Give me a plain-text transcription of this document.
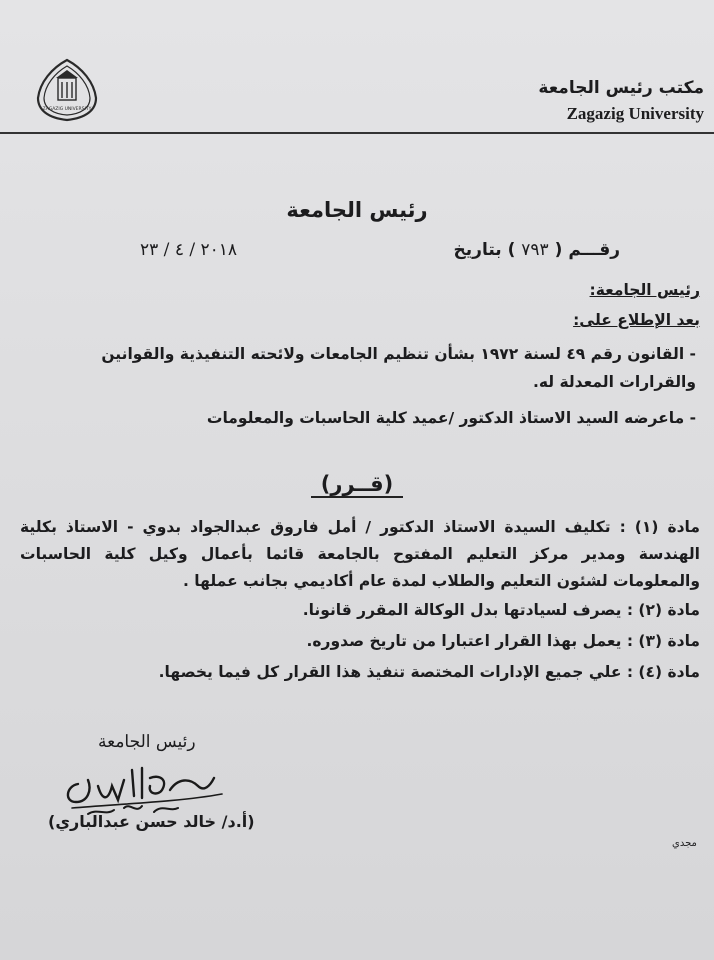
ZAGAZIG UNIVERSITY
مكتب رئيس الجامعة
Zagazig University
رئيس الجامعة
رقـــم ( ٧٩٣ ) بتاريخ
٢٠١٨ / ٤ / ٢٣
رئيس الجامعة:
بعد الإطلاع على:
- القانون رقم ٤٩ لسنة ١٩٧٢ بشأن تنظيم الجامعات ولائحته التنفيذية والقوانين والقرارات المعدلة له.
- ماعرضه السيد الاستاذ الدكتور /عميد كلية الحاسبات والمعلومات
(قــرر)
مادة (١) : تكليف السيدة الاستاذ الدكتور / أمل فاروق عبدالجواد بدوي - الاستاذ بكلية الهندسة ومدير مركز التعليم المفتوح بالجامعة قائما بأعمال وكيل كلية الحاسبات والمعلومات لشئون التعليم والطلاب لمدة عام أكاديمي بجانب عملها .
مادة (٢) : يصرف لسيادتها بدل الوكالة المقرر قانونا.
مادة (٣) : يعمل بهذا القرار اعتبارا من تاريخ صدوره.
مادة (٤) : علي جميع الإدارات المختصة تنفيذ هذا القرار كل فيما يخصها.
رئيس الجامعة
(أ.د/ خالد حسن عبدالباري)
مجدي
